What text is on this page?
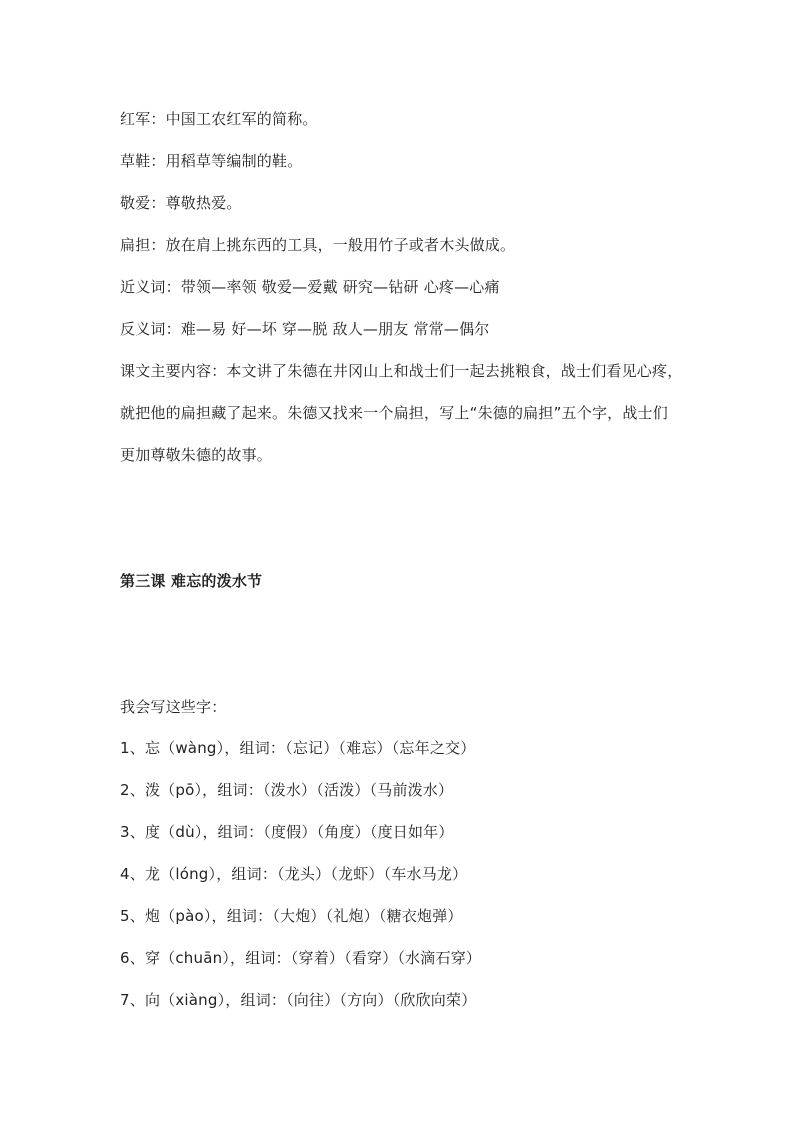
红军：中国工农红军的简称。
草鞋：用稻草等编制的鞋。
敬爱：尊敬热爱。
扁担：放在肩上挑东西的工具，一般用竹子或者木头做成。
近义词：带领—率领 敬爱—爱戴 研究—钻研 心疼—心痛
反义词：难—易 好—坏 穿—脱 敌人—朋友 常常—偶尔
课文主要内容：本文讲了朱德在井冈山上和战士们一起去挑粮食，战士们看见心疼，
就把他的扁担藏了起来。朱德又找来一个扁担，写上“朱德的扁担”五个字，战士们
更加尊敬朱德的故事。
第三课 难忘的泼水节
我会写这些字：
1、忘（wàng），组词：（忘记）（难忘）（忘年之交）
2、泼（pō），组词：（泼水）（活泼）（马前泼水）
3、度（dù），组词：（度假）（角度）（度日如年）
4、龙（lóng），组词：（龙头）（龙虾）（车水马龙）
5、炮（pào），组词：（大炮）（礼炮）（糖衣炮弹）
6、穿（chuān），组词：（穿着）（看穿）（水滴石穿）
7、向（xiàng），组词：（向往）（方向）（欣欣向荣）
